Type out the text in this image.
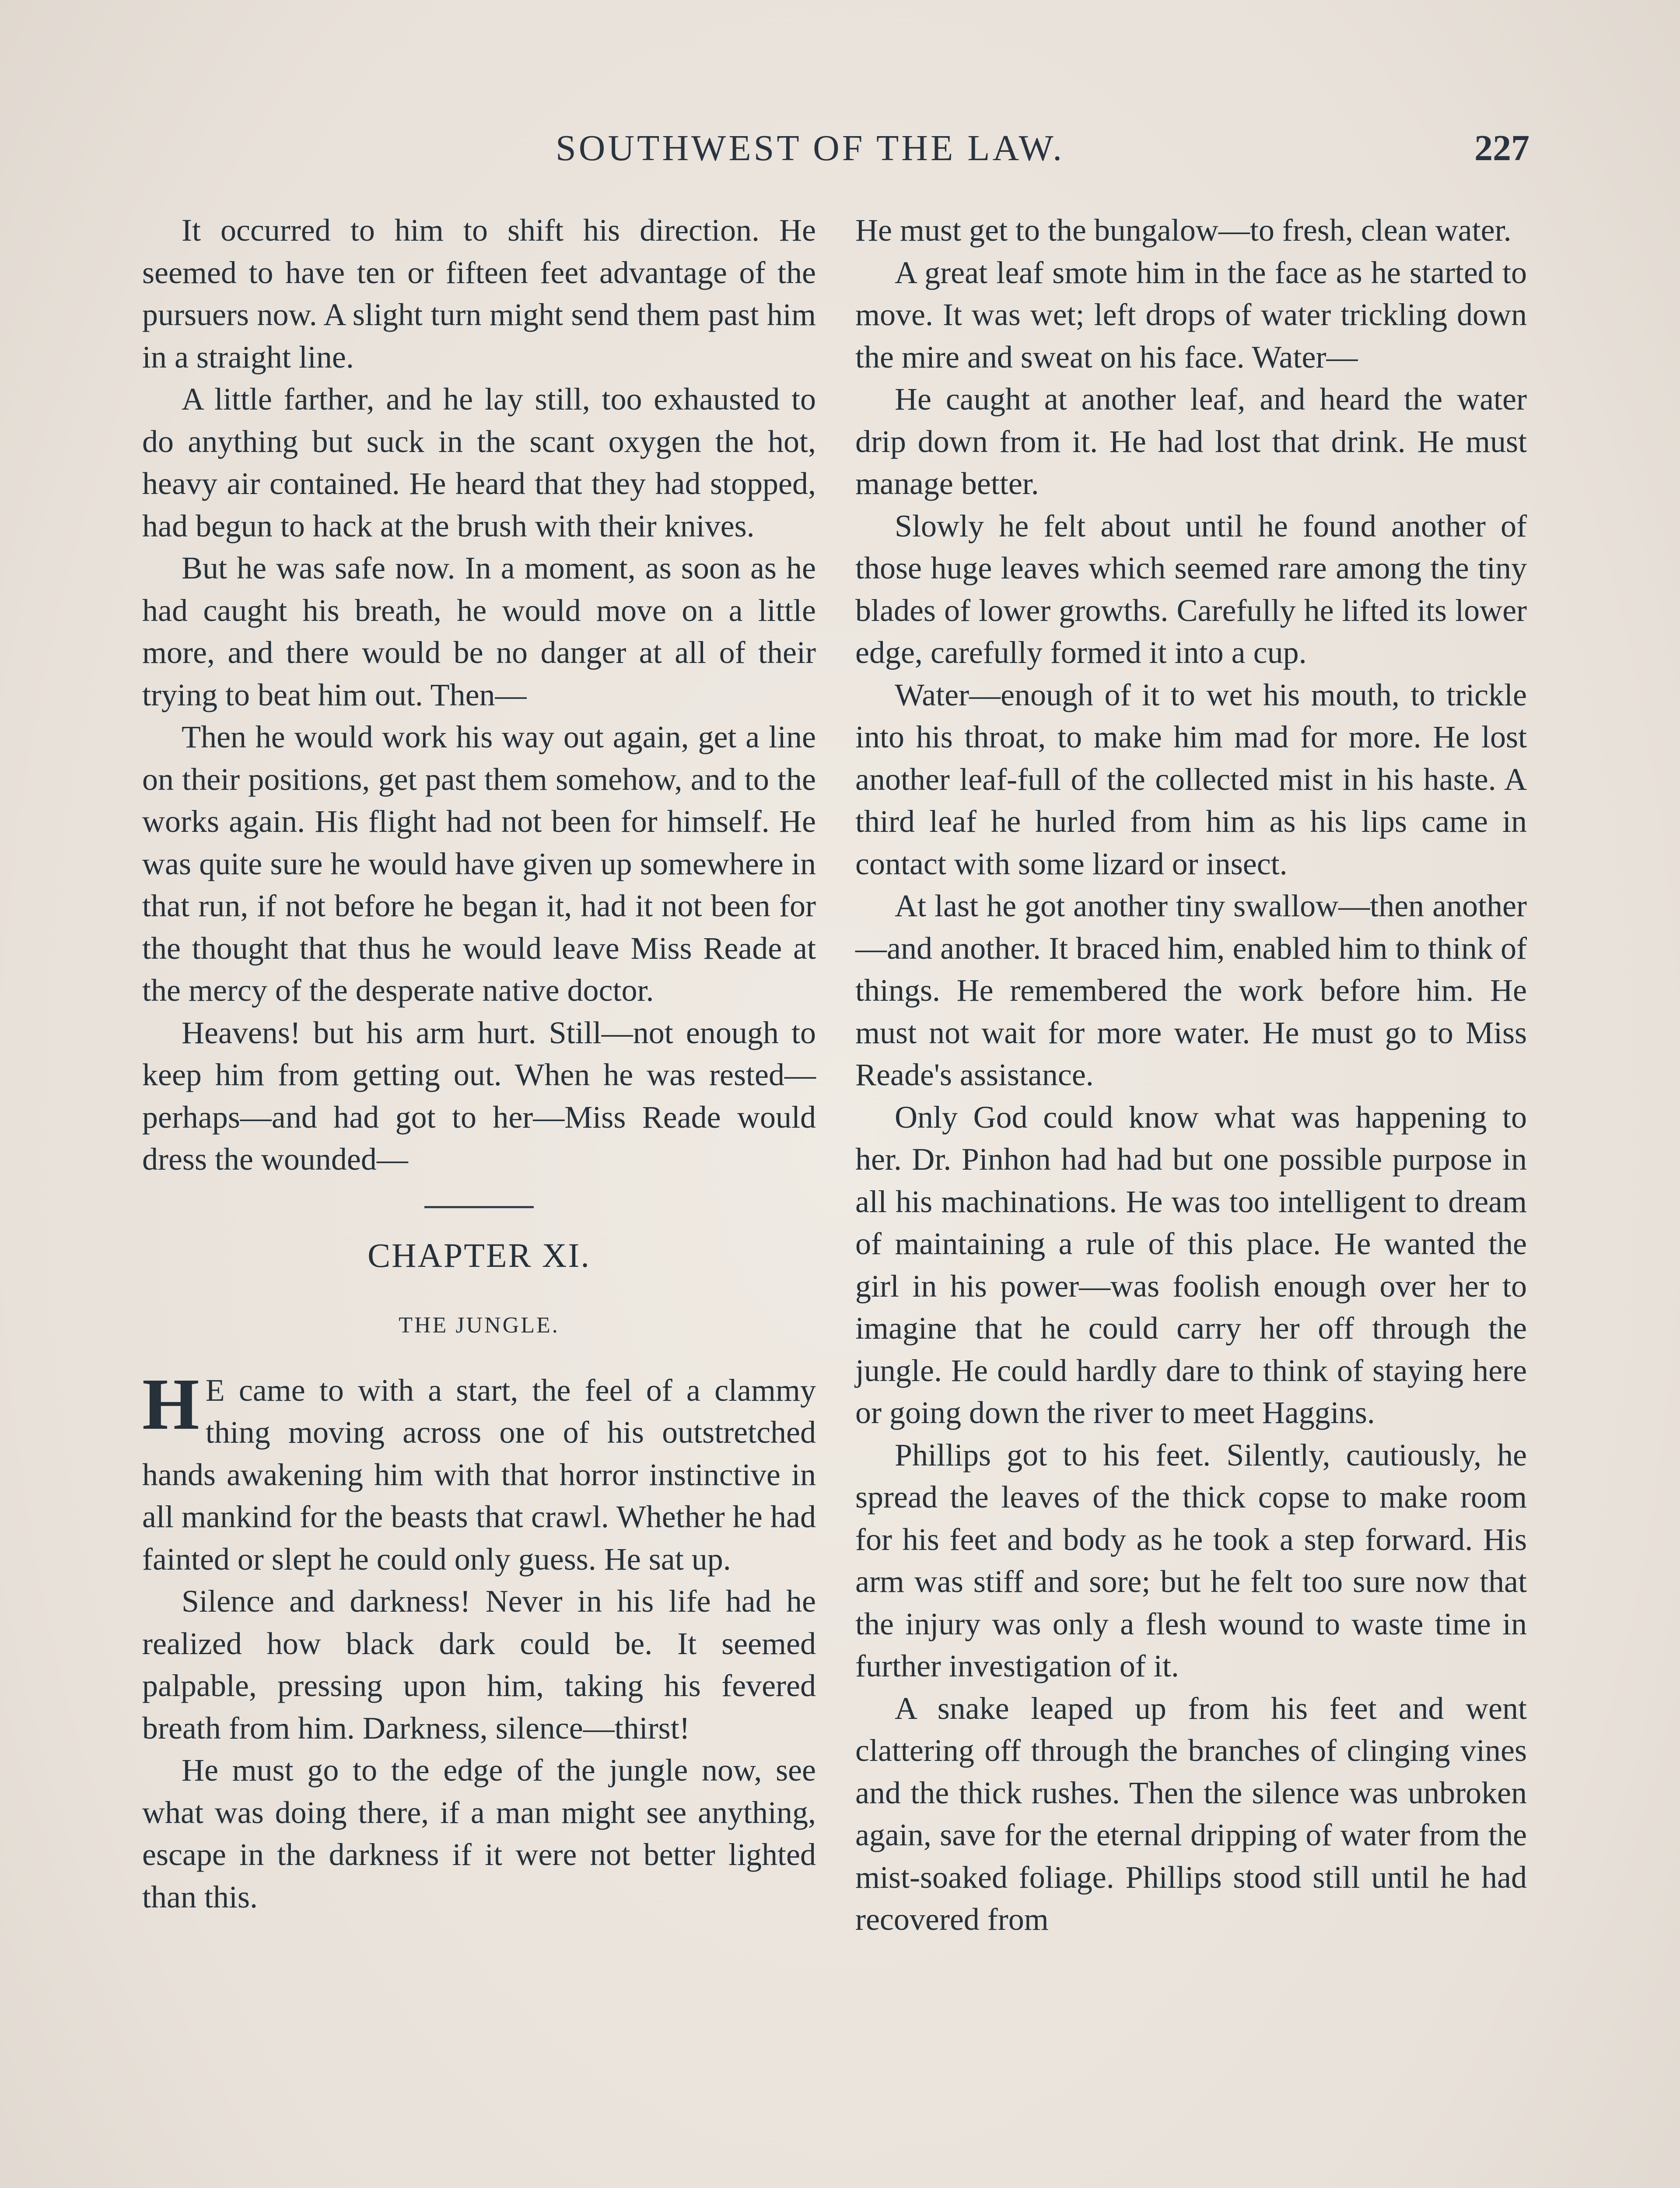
SOUTHWEST OF THE LAW.	227

It occurred to him to shift his direction. He seemed to have ten or fifteen feet advantage of the pursuers now. A slight turn might send them past him in a straight line.

A little farther, and he lay still, too exhausted to do anything but suck in the scant oxygen the hot, heavy air contained. He heard that they had stopped, had begun to hack at the brush with their knives.

But he was safe now. In a moment, as soon as he had caught his breath, he would move on a little more, and there would be no danger at all of their trying to beat him out. Then—

Then he would work his way out again, get a line on their positions, get past them somehow, and to the works again. His flight had not been for himself. He was quite sure he would have given up somewhere in that run, if not before he began it, had it not been for the thought that thus he would leave Miss Reade at the mercy of the desperate native doctor.

Heavens! but his arm hurt. Still—not enough to keep him from getting out. When he was rested—perhaps—and had got to her—Miss Reade would dress the wounded—

CHAPTER XI.
THE JUNGLE.

H E came to with a start, the feel of a clammy thing moving across one of his outstretched hands awakening him with that horror instinctive in all mankind for the beasts that crawl. Whether he had fainted or slept he could only guess. He sat up.

Silence and darkness! Never in his life had he realized how black dark could be. It seemed palpable, pressing upon him, taking his fevered breath from him. Darkness, silence—thirst!

He must go to the edge of the jungle now, see what was doing there, if a man might see anything, escape in the darkness if it were not better lighted than this.

He must get to the bungalow—to fresh, clean water.

A great leaf smote him in the face as he started to move. It was wet; left drops of water trickling down the mire and sweat on his face. Water—

He caught at another leaf, and heard the water drip down from it. He had lost that drink. He must manage better.

Slowly he felt about until he found another of those huge leaves which seemed rare among the tiny blades of lower growths. Carefully he lifted its lower edge, carefully formed it into a cup.

Water—enough of it to wet his mouth, to trickle into his throat, to make him mad for more. He lost another leaf-full of the collected mist in his haste. A third leaf he hurled from him as his lips came in contact with some lizard or insect.

At last he got another tiny swallow—then another—and another. It braced him, enabled him to think of things. He remembered the work before him. He must not wait for more water. He must go to Miss Reade's assistance.

Only God could know what was happening to her. Dr. Pinhon had had but one possible purpose in all his machinations. He was too intelligent to dream of maintaining a rule of this place. He wanted the girl in his power—was foolish enough over her to imagine that he could carry her off through the jungle. He could hardly dare to think of staying here or going down the river to meet Haggins.

Phillips got to his feet. Silently, cautiously, he spread the leaves of the thick copse to make room for his feet and body as he took a step forward. His arm was stiff and sore; but he felt too sure now that the injury was only a flesh wound to waste time in further investigation of it.

A snake leaped up from his feet and went clattering off through the branches of clinging vines and the thick rushes. Then the silence was unbroken again, save for the eternal dripping of water from the mist-soaked foliage. Phillips stood still until he had recovered from
